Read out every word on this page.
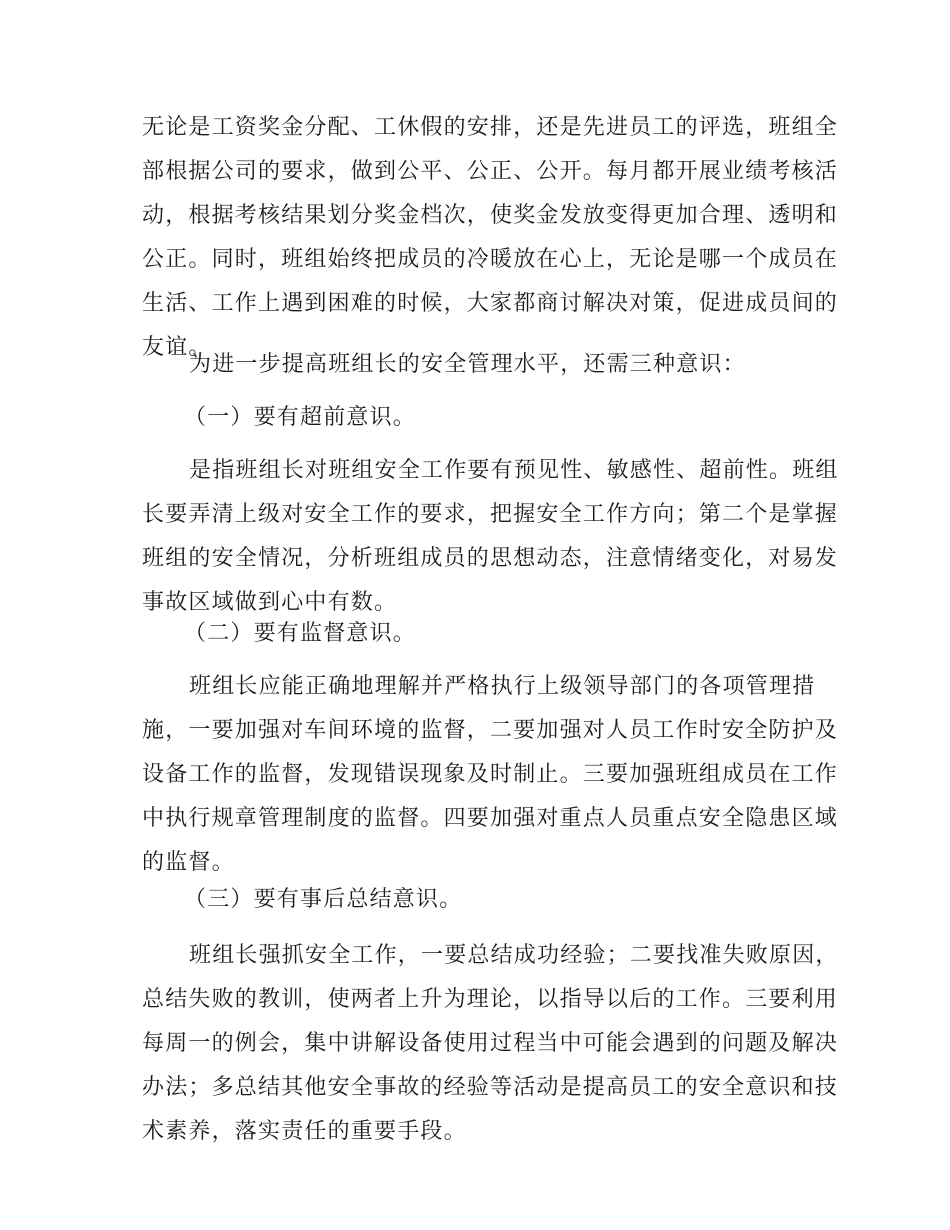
无论是工资奖金分配、工休假的安排，还是先进员工的评选，班组全

部根据公司的要求，做到公平、公正、公开。每月都开展业绩考核活

动，根据考核结果划分奖金档次，使奖金发放变得更加合理、透明和

公正。同时，班组始终把成员的冷暖放在心上，无论是哪一个成员在

生活、工作上遇到困难的时候，大家都商讨解决对策，促进成员间的

友谊。

为进一步提高班组长的安全管理水平，还需三种意识：

（一）要有超前意识。

是指班组长对班组安全工作要有预见性、敏感性、超前性。班组

长要弄清上级对安全工作的要求，把握安全工作方向；第二个是掌握

班组的安全情况，分析班组成员的思想动态，注意情绪变化，对易发

事故区域做到心中有数。

（二）要有监督意识。

班组长应能正确地理解并严格执行上级领导部门的各项管理措

施，一要加强对车间环境的监督，二要加强对人员工作时安全防护及

设备工作的监督，发现错误现象及时制止。三要加强班组成员在工作

中执行规章管理制度的监督。四要加强对重点人员重点安全隐患区域

的监督。

（三）要有事后总结意识。

班组长强抓安全工作，一要总结成功经验；二要找准失败原因，

总结失败的教训，使两者上升为理论，以指导以后的工作。三要利用

每周一的例会，集中讲解设备使用过程当中可能会遇到的问题及解决

办法；多总结其他安全事故的经验等活动是提高员工的安全意识和技

术素养，落实责任的重要手段。
